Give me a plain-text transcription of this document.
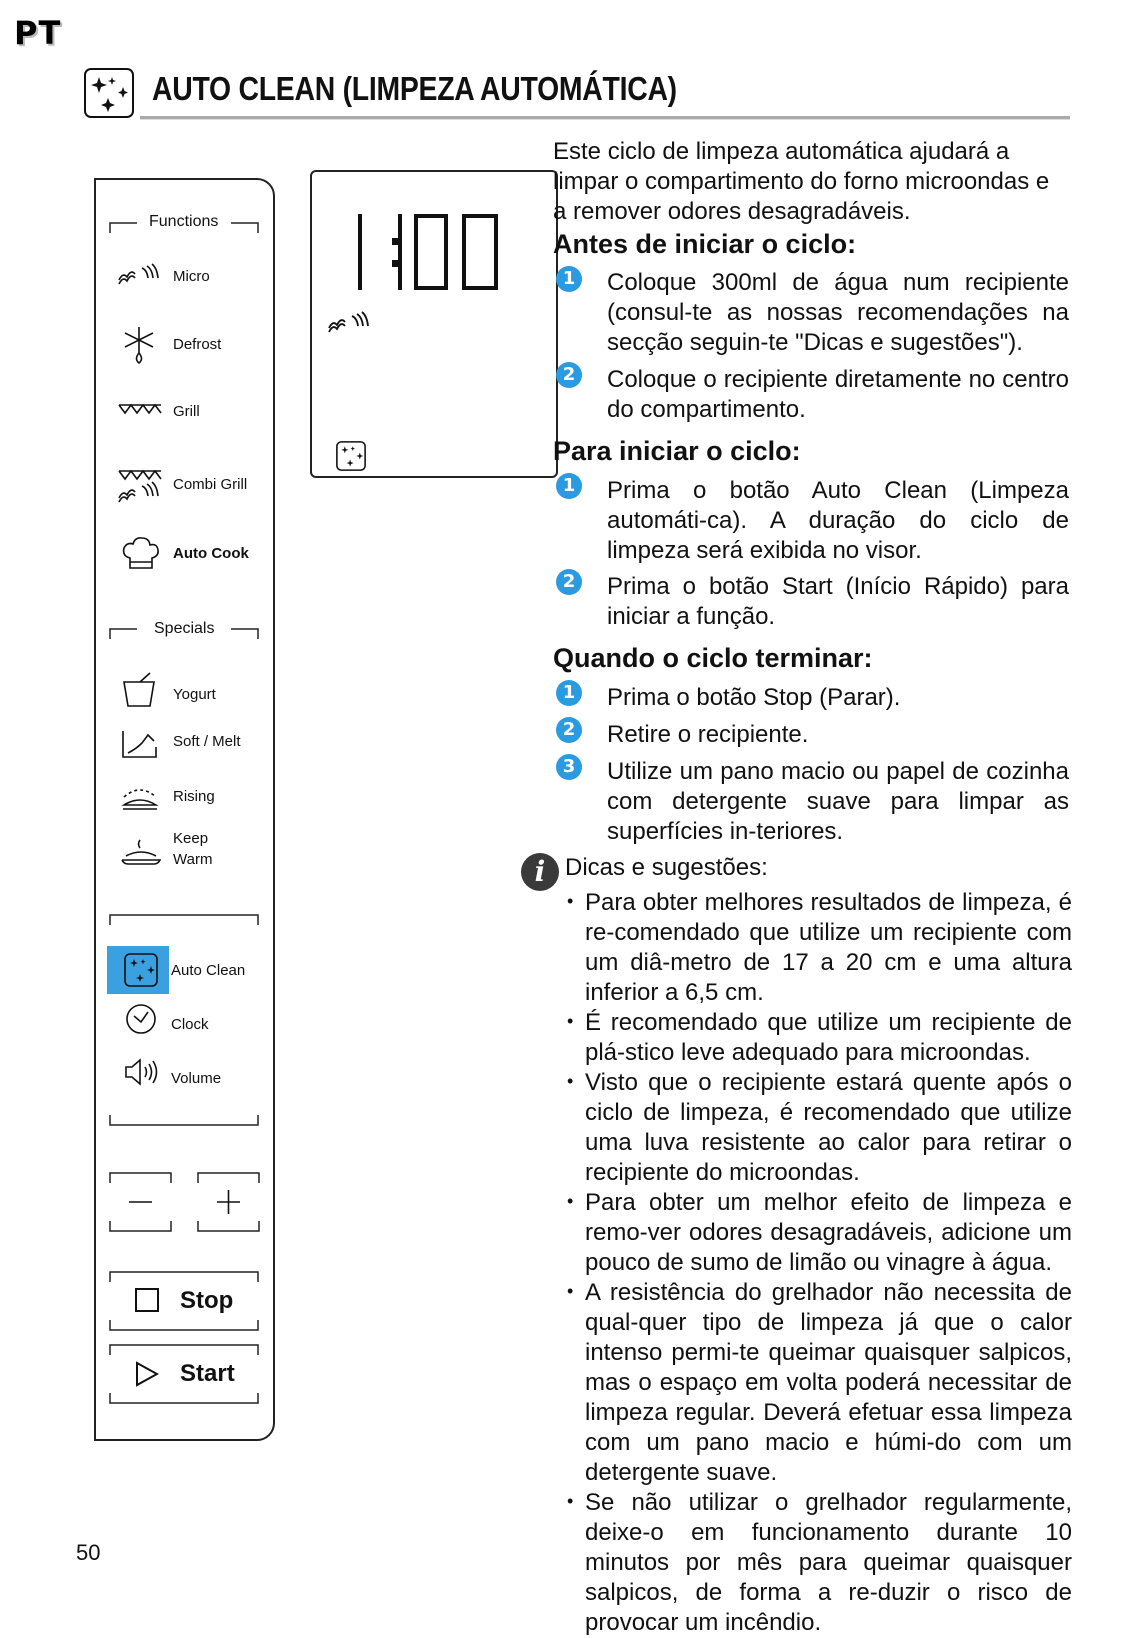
PT
AUTO CLEAN (LIMPEZA AUTOMÁTICA)
Functions
Micro
Defrost
Grill
Combi Grill
Auto Cook
Specials
Yogurt
Soft / Melt
Rising
Keep
Warm
Auto Clean
Clock
Volume
Stop
Start
Este ciclo de limpeza automática ajudará a limpar o compartimento do forno microondas e a remover odores desagradáveis.
Antes de iniciar o ciclo:
1 Coloque 300ml de água num recipiente (consul-te as nossas recomendações na secção seguin-te "Dicas e sugestões").
2 Coloque o recipiente diretamente no centro do compartimento.
Para iniciar o ciclo:
1 Prima o botão Auto Clean (Limpeza automáti-ca). A duração do ciclo de limpeza será exibida no visor.
2 Prima o botão Start (Início Rápido) para iniciar a função.
Quando o ciclo terminar:
1 Prima o botão Stop (Parar).
2 Retire o recipiente.
3 Utilize um pano macio ou papel de cozinha com detergente suave para limpar as superfícies in-teriores.
i Dicas e sugestões:
• Para obter melhores resultados de limpeza, é re-comendado que utilize um recipiente com um diâ-metro de 17 a 20 cm e uma altura inferior a 6,5 cm.
• É recomendado que utilize um recipiente de plá-stico leve adequado para microondas.
• Visto que o recipiente estará quente após o ciclo de limpeza, é recomendado que utilize uma luva resistente ao calor para retirar o recipiente do microondas.
• Para obter um melhor efeito de limpeza e remo-ver odores desagradáveis, adicione um pouco de sumo de limão ou vinagre à água.
• A resistência do grelhador não necessita de qual-quer tipo de limpeza já que o calor intenso permi-te queimar quaisquer salpicos, mas o espaço em volta poderá necessitar de limpeza regular. Deverá efetuar essa limpeza com um pano macio e húmi-do com um detergente suave.
• Se não utilizar o grelhador regularmente, deixe-o em funcionamento durante 10 minutos por mês para queimar quaisquer salpicos, de forma a re-duzir o risco de provocar um incêndio.
50
